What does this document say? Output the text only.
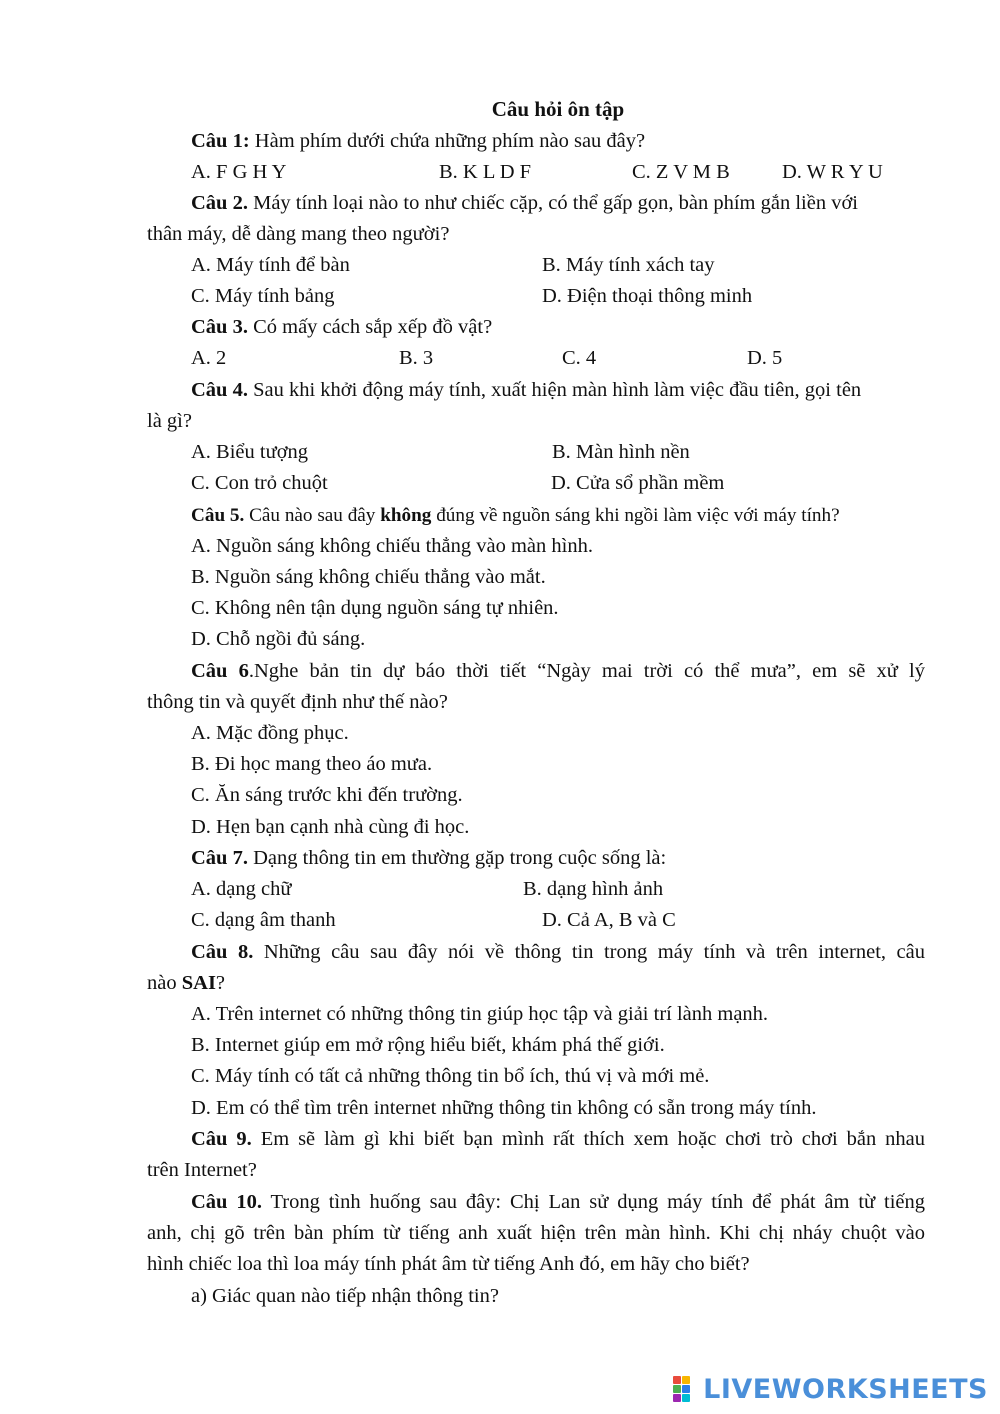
Câu hỏi ôn tập
Câu 1: Hàm phím dưới chứa những phím nào sau đây?
A. F G H Y	B. K L D F	C. Z V M B	D. W R Y U
Câu 2. Máy tính loại nào to như chiếc cặp, có thể gấp gọn, bàn phím gắn liền với
thân máy, dễ dàng mang theo người?
A. Máy tính để bàn	B. Máy tính xách tay
C. Máy tính bảng	D. Điện thoại thông minh
Câu 3. Có mấy cách sắp xếp đồ vật?
A. 2	B. 3	C. 4	D. 5
Câu 4. Sau khi khởi động máy tính, xuất hiện màn hình làm việc đầu tiên, gọi tên
là gì?
A. Biểu tượng	B. Màn hình nền
C. Con trỏ chuột	D. Cửa sổ phần mềm
Câu 5. Câu nào sau đây không đúng về nguồn sáng khi ngồi làm việc với máy tính?
A. Nguồn sáng không chiếu thẳng vào màn hình.
B. Nguồn sáng không chiếu thẳng vào mắt.
C. Không nên tận dụng nguồn sáng tự nhiên.
D. Chỗ ngồi đủ sáng.
Câu 6.Nghe bản tin dự báo thời tiết “Ngày mai trời có thể mưa”, em sẽ xử lý
thông tin và quyết định như thế nào?
A. Mặc đồng phục.
B. Đi học mang theo áo mưa.
C. Ăn sáng trước khi đến trường.
D. Hẹn bạn cạnh nhà cùng đi học.
Câu 7. Dạng thông tin em thường gặp trong cuộc sống là:
A. dạng chữ	B. dạng hình ảnh
C. dạng âm thanh	D. Cả A, B và C
Câu 8. Những câu sau đây nói về thông tin trong máy tính và trên internet, câu
nào SAI?
A. Trên internet có những thông tin giúp học tập và giải trí lành mạnh.
B. Internet giúp em mở rộng hiểu biết, khám phá thế giới.
C. Máy tính có tất cả những thông tin bổ ích, thú vị và mới mẻ.
D. Em có thể tìm trên internet những thông tin không có sẵn trong máy tính.
Câu 9. Em sẽ làm gì khi biết bạn mình rất thích xem hoặc chơi trò chơi bắn nhau
trên Internet?
Câu 10. Trong tình huống sau đây: Chị Lan sử dụng máy tính để phát âm từ tiếng
anh, chị gõ trên bàn phím từ tiếng anh xuất hiện trên màn hình. Khi chị nháy chuột vào
hình chiếc loa thì loa máy tính phát âm từ tiếng Anh đó, em hãy cho biết?
a) Giác quan nào tiếp nhận thông tin?
LIVEWORKSHEETS
